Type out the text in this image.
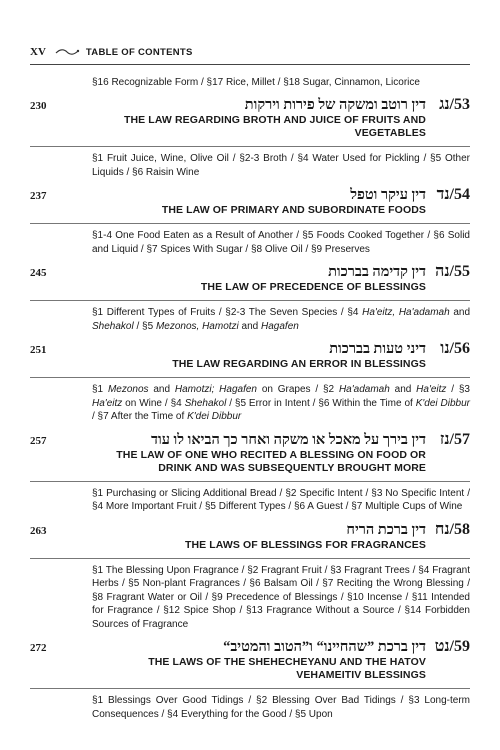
XV	TABLE OF CONTENTS
§16 Recognizable Form / §17 Rice, Millet / §18 Sugar, Cinnamon, Licorice
230	53/נג
דין רוטב ומשקה של פירות וירקות
THE LAW REGARDING BROTH AND JUICE OF FRUITS AND VEGETABLES
§1 Fruit Juice, Wine, Olive Oil / §2-3 Broth / §4 Water Used for Pickling / §5 Other Liquids / §6 Raisin Wine
237	54/נד
דין עיקר וטפל
THE LAW OF PRIMARY AND SUBORDINATE FOODS
§1-4 One Food Eaten as a Result of Another / §5 Foods Cooked Together / §6 Solid and Liquid / §7 Spices With Sugar / §8 Olive Oil / §9 Preserves
245	55/נה
דין קדימה בברכות
THE LAW OF PRECEDENCE OF BLESSINGS
§1 Different Types of Fruits / §2-3 The Seven Species / §4 Ha'eitz, Ha'adamah and Shehakol / §5 Mezonos, Hamotzi and Hagafen
251	56/נו
דיני טעות בברכות
THE LAW REGARDING AN ERROR IN BLESSINGS
§1 Mezonos and Hamotzi; Hagafen on Grapes / §2 Ha'adamah and Ha'eitz / §3 Ha'eitz on Wine / §4 Shehakol / §5 Error in Intent / §6 Within the Time of K'dei Dibbur / §7 After the Time of K'dei Dibbur
257	57/נז
דין בירך על מאכל או משקה ואחר כך הביאו לו עוד
THE LAW OF ONE WHO RECITED A BLESSING ON FOOD OR DRINK AND WAS SUBSEQUENTLY BROUGHT MORE
§1 Purchasing or Slicing Additional Bread / §2 Specific Intent / §3 No Specific Intent / §4 More Important Fruit / §5 Different Types / §6 A Guest / §7 Multiple Cups of Wine
263	58/נח
דין ברכת הריח
THE LAWS OF BLESSINGS FOR FRAGRANCES
§1 The Blessing Upon Fragrance / §2 Fragrant Fruit / §3 Fragrant Trees / §4 Fragrant Herbs / §5 Non-plant Fragrances / §6 Balsam Oil / §7 Reciting the Wrong Blessing / §8 Fragrant Water or Oil / §9 Precedence of Blessings / §10 Incense / §11 Intended for Fragrance / §12 Spice Shop / §13 Fragrance Without a Source / §14 Forbidden Sources of Fragrance
272	59/נט
דין ברכת ”שהחיינו“ ו”הטוב והמטיב“
THE LAWS OF THE SHEHECHEYANU AND THE HATOV VEHAMEITIV BLESSINGS
§1 Blessings Over Good Tidings / §2 Blessing Over Bad Tidings / §3 Long-term Consequences / §4 Everything for the Good / §5 Upon
